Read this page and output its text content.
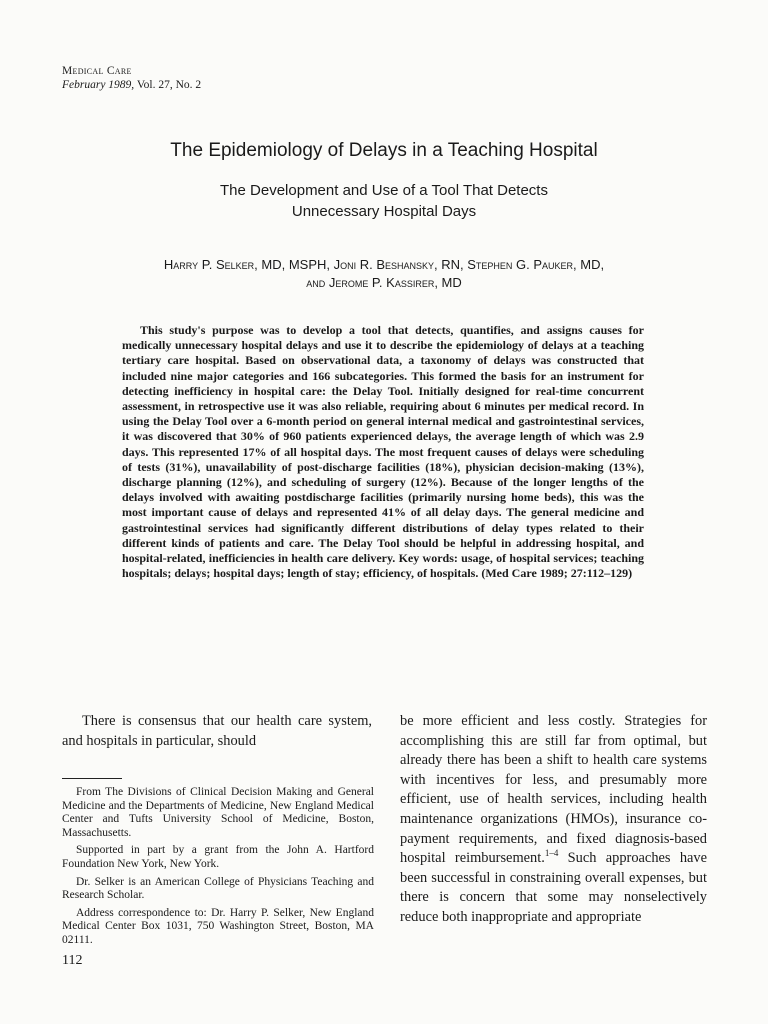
Medical Care
February 1989, Vol. 27, No. 2
The Epidemiology of Delays in a Teaching Hospital
The Development and Use of a Tool That Detects
Unnecessary Hospital Days
Harry P. Selker, MD, MSPH, Joni R. Beshansky, RN, Stephen G. Pauker, MD,
and Jerome P. Kassirer, MD
This study's purpose was to develop a tool that detects, quantifies, and assigns causes for medically unnecessary hospital delays and use it to describe the epidemiology of delays at a teaching tertiary care hospital. Based on observational data, a taxonomy of delays was constructed that included nine major categories and 166 subcategories. This formed the basis for an instrument for detecting inefficiency in hospital care: the Delay Tool. Initially designed for real-time concurrent assessment, in retrospective use it was also reliable, requiring about 6 minutes per medical record. In using the Delay Tool over a 6-month period on general internal medical and gastrointestinal services, it was discovered that 30% of 960 patients experienced delays, the average length of which was 2.9 days. This represented 17% of all hospital days. The most frequent causes of delays were scheduling of tests (31%), unavailability of post-discharge facilities (18%), physician decision-making (13%), discharge planning (12%), and scheduling of surgery (12%). Because of the longer lengths of the delays involved with awaiting postdischarge facilities (primarily nursing home beds), this was the most important cause of delays and represented 41% of all delay days. The general medicine and gastrointestinal services had significantly different distributions of delay types related to their different kinds of patients and care. The Delay Tool should be helpful in addressing hospital, and hospital-related, inefficiencies in health care delivery. Key words: usage, of hospital services; teaching hospitals; delays; hospital days; length of stay; efficiency, of hospitals. (Med Care 1989; 27:112–129)
There is consensus that our health care system, and hospitals in particular, should
be more efficient and less costly. Strategies for accomplishing this are still far from optimal, but already there has been a shift to health care systems with incentives for less, and presumably more efficient, use of health services, including health maintenance organizations (HMOs), insurance co-payment requirements, and fixed diagnosis-based hospital reimbursement.$^{1-4}$ Such approaches have been successful in constraining overall expenses, but there is concern that some may nonselectively reduce both inappropriate and appropriate

From The Divisions of Clinical Decision Making and General Medicine and the Departments of Medicine, New England Medical Center and Tufts University School of Medicine, Boston, Massachusetts.

Supported in part by a grant from the John A. Hartford Foundation New York, New York.

Dr. Selker is an American College of Physicians Teaching and Research Scholar.

Address correspondence to: Dr. Harry P. Selker, New England Medical Center Box 1031, 750 Washington Street, Boston, MA 02111.

112
